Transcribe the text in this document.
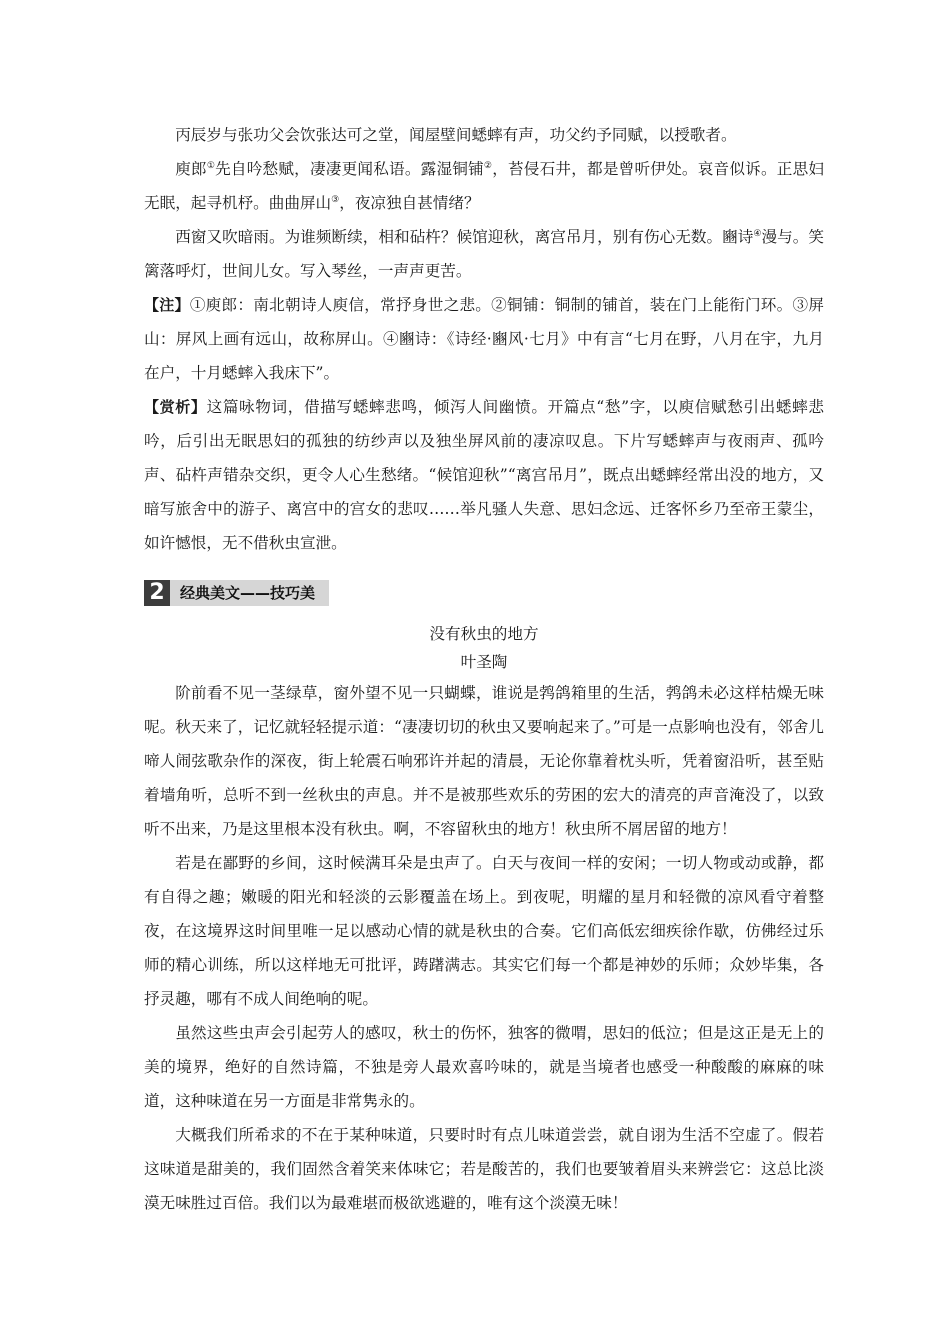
丙辰岁与张功父会饮张达可之堂，闻屋壁间蟋蟀有声，功父约予同赋，以授歌者。

庾郎①先自吟愁赋，凄凄更闻私语。露湿铜铺②，苔侵石井，都是曾听伊处。哀音似诉。正思妇无眠，起寻机杼。曲曲屏山③，夜凉独自甚情绪？

西窗又吹暗雨。为谁频断续，相和砧杵？候馆迎秋，离宫吊月，别有伤心无数。豳诗④漫与。笑篱落呼灯，世间儿女。写入琴丝，一声声更苦。

【注】①庾郎：南北朝诗人庾信，常抒身世之悲。②铜铺：铜制的铺首，装在门上能衔门环。③屏山：屏风上画有远山，故称屏山。④豳诗：《诗经·豳风·七月》中有言“七月在野，八月在宇，九月在户，十月蟋蟀入我床下”。

【赏析】这篇咏物词，借描写蟋蟀悲鸣，倾泻人间幽愤。开篇点“愁”字，以庾信赋愁引出蟋蟀悲吟，后引出无眠思妇的孤独的纺纱声以及独坐屏风前的凄凉叹息。下片写蟋蟀声与夜雨声、孤吟声、砧杵声错杂交织，更令人心生愁绪。“候馆迎秋”“离宫吊月”，既点出蟋蟀经常出没的地方，又暗写旅舍中的游子、离宫中的宫女的悲叹……举凡骚人失意、思妇念远、迁客怀乡乃至帝王蒙尘，如许憾恨，无不借秋虫宣泄。

2	经典美文——技巧美

没有秋虫的地方

叶圣陶

阶前看不见一茎绿草，窗外望不见一只蝴蝶，谁说是鹁鸽箱里的生活，鹁鸽未必这样枯燥无味呢。秋天来了，记忆就轻轻提示道：“凄凄切切的秋虫又要响起来了。”可是一点影响也没有，邻舍儿啼人闹弦歌杂作的深夜，街上轮震石响邪许并起的清晨，无论你靠着枕头听，凭着窗沿听，甚至贴着墙角听，总听不到一丝秋虫的声息。并不是被那些欢乐的劳困的宏大的清亮的声音淹没了，以致听不出来，乃是这里根本没有秋虫。啊，不容留秋虫的地方！秋虫所不屑居留的地方！

若是在鄙野的乡间，这时候满耳朵是虫声了。白天与夜间一样的安闲；一切人物或动或静，都有自得之趣；嫩暖的阳光和轻淡的云影覆盖在场上。到夜呢，明耀的星月和轻微的凉风看守着整夜，在这境界这时间里唯一足以感动心情的就是秋虫的合奏。它们高低宏细疾徐作歇，仿佛经过乐师的精心训练，所以这样地无可批评，踌躇满志。其实它们每一个都是神妙的乐师；众妙毕集，各抒灵趣，哪有不成人间绝响的呢。

虽然这些虫声会引起劳人的感叹，秋士的伤怀，独客的微喟，思妇的低泣；但是这正是无上的美的境界，绝好的自然诗篇，不独是旁人最欢喜吟味的，就是当境者也感受一种酸酸的麻麻的味道，这种味道在另一方面是非常隽永的。

大概我们所希求的不在于某种味道，只要时时有点儿味道尝尝，就自诩为生活不空虚了。假若这味道是甜美的，我们固然含着笑来体味它；若是酸苦的，我们也要皱着眉头来辨尝它：这总比淡漠无味胜过百倍。我们以为最难堪而极欲逃避的，唯有这个淡漠无味！
